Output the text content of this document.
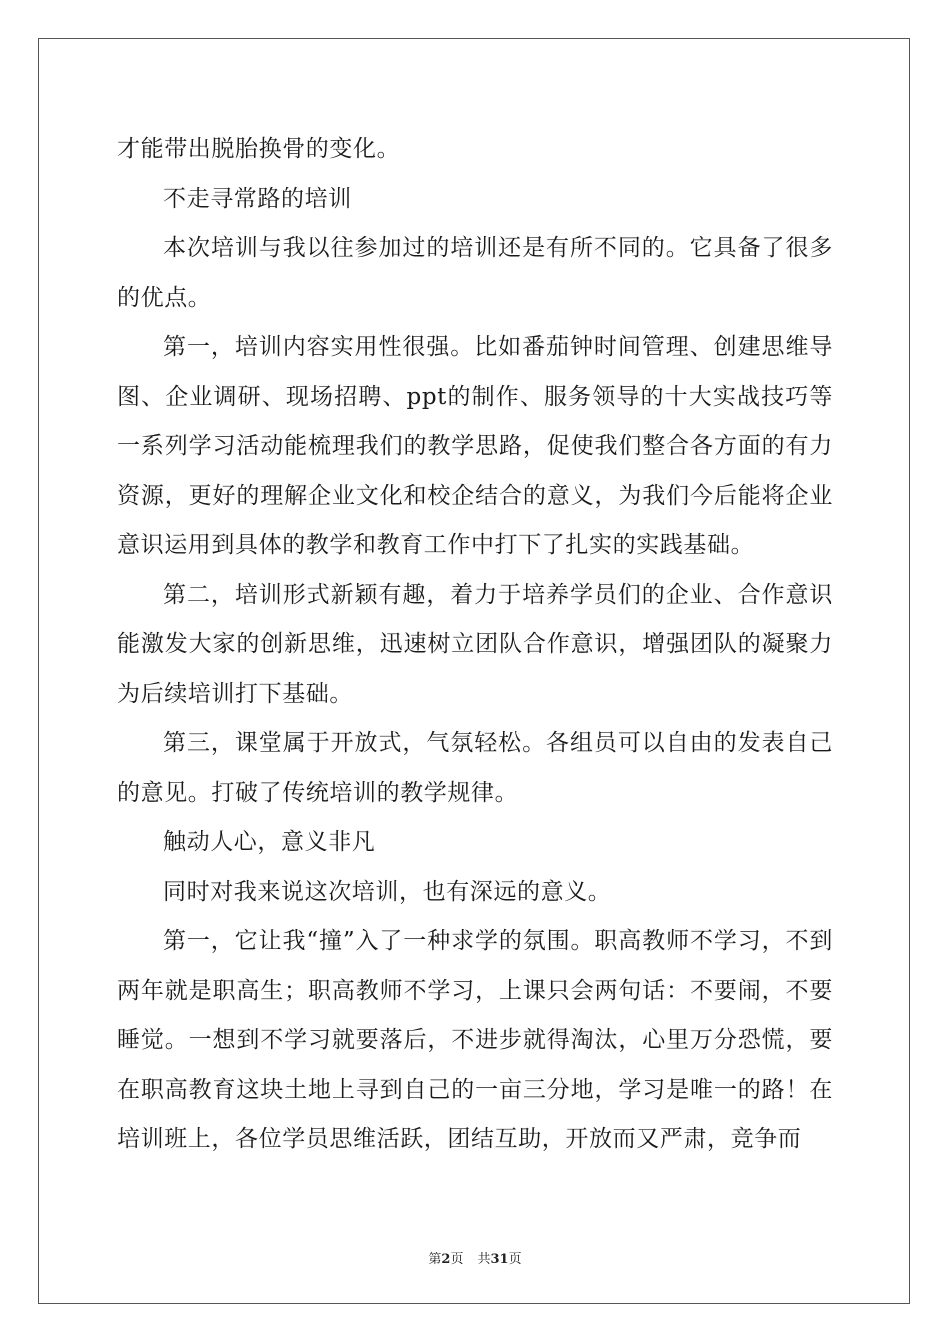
才能带出脱胎换骨的变化。

不走寻常路的培训

本次培训与我以往参加过的培训还是有所不同的。它具备了很多的优点。

第一，培训内容实用性很强。比如番茄钟时间管理、创建思维导图、企业调研、现场招聘、ppt的制作、服务领导的十大实战技巧等一系列学习活动能梳理我们的教学思路，促使我们整合各方面的有力资源，更好的理解企业文化和校企结合的意义，为我们今后能将企业意识运用到具体的教学和教育工作中打下了扎实的实践基础。

第二，培训形式新颖有趣，着力于培养学员们的企业、合作意识能激发大家的创新思维，迅速树立团队合作意识，增强团队的凝聚力为后续培训打下基础。

第三，课堂属于开放式，气氛轻松。各组员可以自由的发表自己的意见。打破了传统培训的教学规律。

触动人心，意义非凡

同时对我来说这次培训，也有深远的意义。

第一，它让我“撞”入了一种求学的氛围。职高教师不学习，不到两年就是职高生；职高教师不学习，上课只会两句话：不要闹，不要睡觉。一想到不学习就要落后，不进步就得淘汰，心里万分恐慌，要在职高教育这块土地上寻到自己的一亩三分地，学习是唯一的路！在培训班上，各位学员思维活跃，团结互助，开放而又严肃，竞争而

第2页 共31页
